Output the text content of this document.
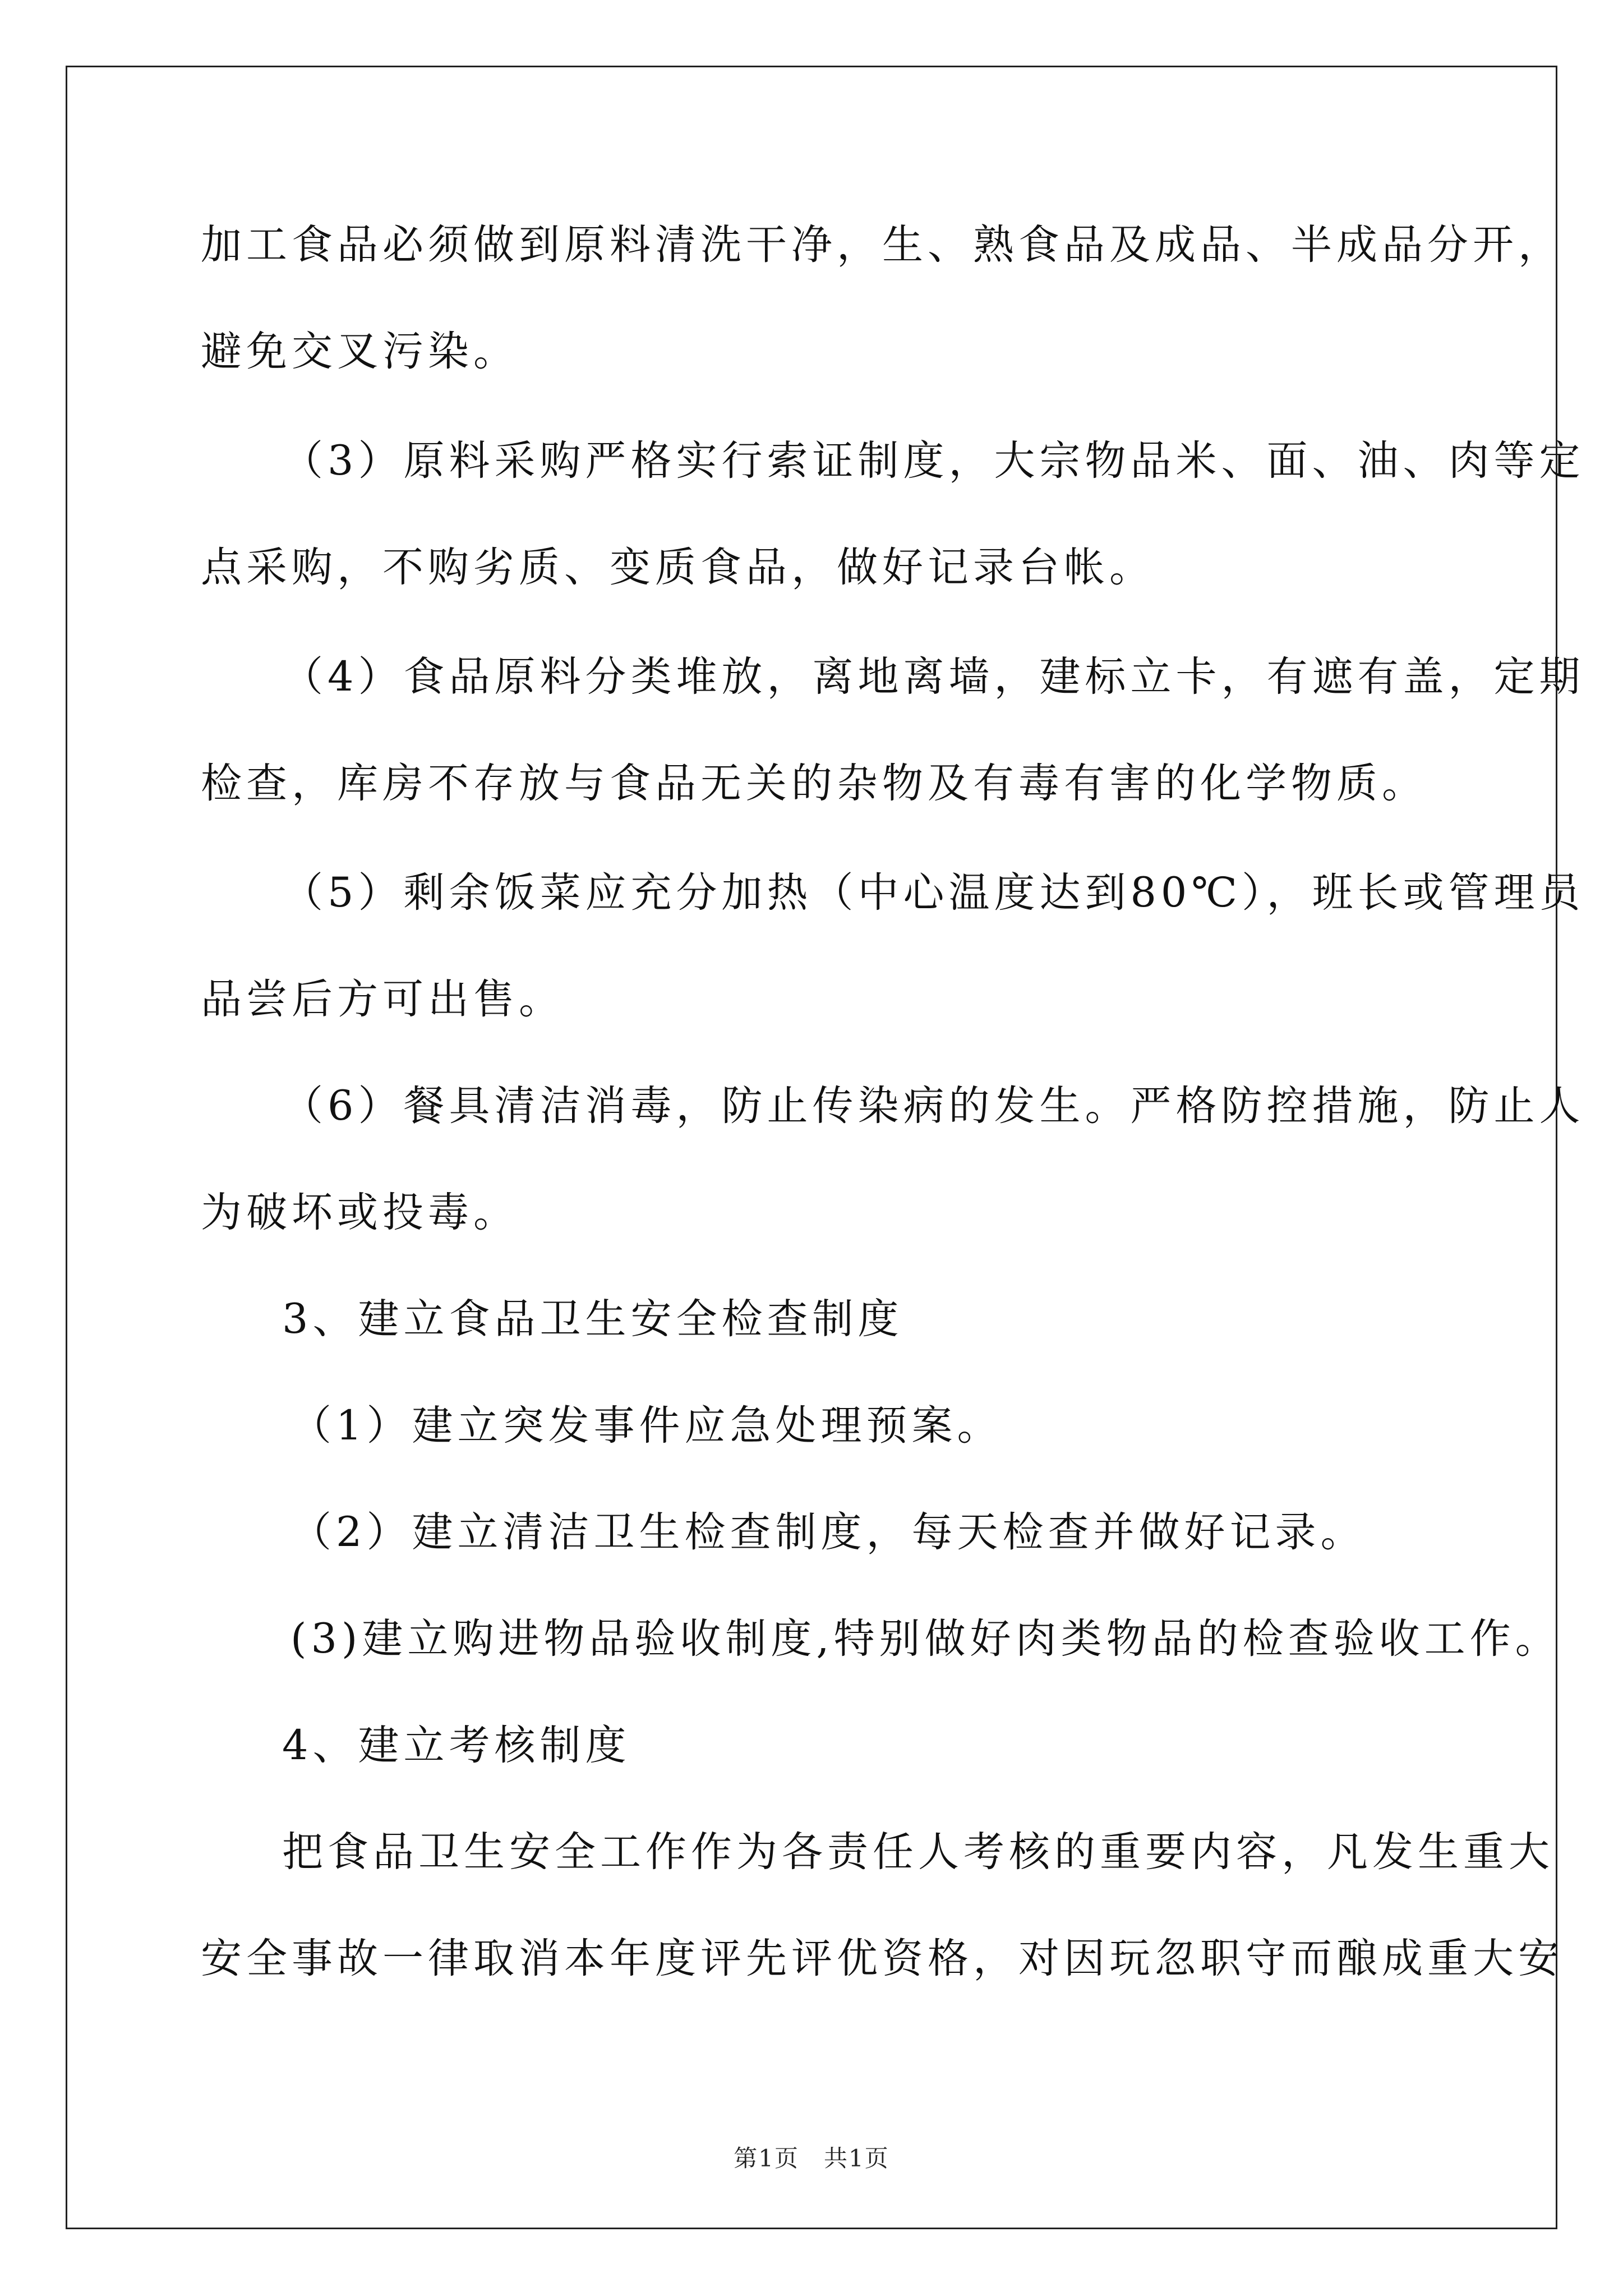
加工食品必须做到原料清洗干净，生、熟食品及成品、半成品分开，
避免交叉污染。
（3）原料采购严格实行索证制度，大宗物品米、面、油、肉等定
点采购，不购劣质、变质食品，做好记录台帐。
（4）食品原料分类堆放，离地离墙，建标立卡，有遮有盖，定期
检查，库房不存放与食品无关的杂物及有毒有害的化学物质。
（5）剩余饭菜应充分加热（中心温度达到80℃），班长或管理员
品尝后方可出售。
（6）餐具清洁消毒，防止传染病的发生。严格防控措施，防止人
为破坏或投毒。
3、建立食品卫生安全检查制度
（1）建立突发事件应急处理预案。
（2）建立清洁卫生检查制度，每天检查并做好记录。
(3)建立购进物品验收制度,特别做好肉类物品的检查验收工作。
4、建立考核制度
把食品卫生安全工作作为各责任人考核的重要内容，凡发生重大
安全事故一律取消本年度评先评优资格，对因玩忽职守而酿成重大安
第1页　共1页
